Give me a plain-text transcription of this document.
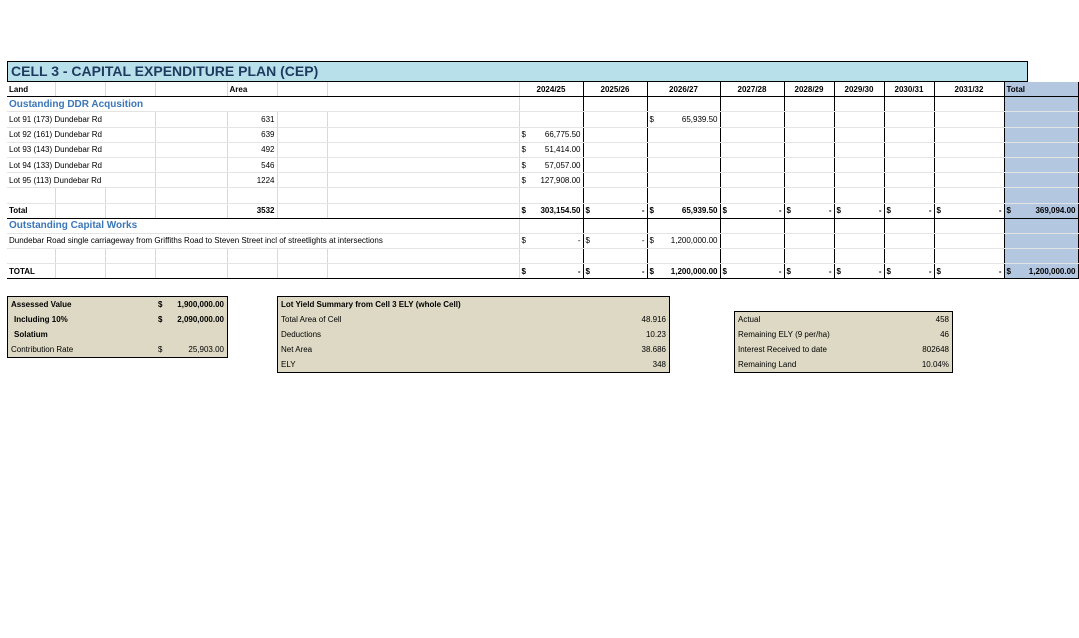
CELL 3 - CAPITAL EXPENDITURE PLAN (CEP)
Land				Area			2024/25	2025/26	2026/27	2027/28	2028/29	2029/30	2030/31	2031/32	Total
Oustanding DDR Acqusition															
Lot 91 (173) Dundebar Rd				631					$ 65,939.50						

Lot 92 (161) Dundebar Rd				639			$ 66,775.50								

Lot 93 (143) Dundebar Rd				492			$ 51,414.00								

Lot 94 (133) Dundebar Rd				546			$ 57,057.00								

Lot 95 (113) Dundebar Rd				1224			$ 127,908.00								

Total				3532			$ 303,154.50	$ -	$ 65,939.50	$ -	$ -	$ -	$ -	$ -	$ 369,094.00

Outstanding Capital Works															
Dundebar Road single carriageway from Griffiths Road to Steven Street incl of streetlights at intersections							$ -	$ -	$ 1,200,000.00						

TOTAL							$ -	$ -	$ 1,200,000.00	$ -	$ -	$ -	$ -	$ -	$ 1,200,000.00
Assessed Value	$ 1,900,000.00
Including 10%	$ 2,090,000.00
Solatium
Contribution Rate	$	25,903.00
Lot Yield Summary from Cell 3 ELY (whole Cell)
Total Area of Cell	48.916
Deductions	10.23
Net Area	38.686
ELY	348
Actual	458
Remaining ELY (9 per/ha)	46
Interest Received to date	802648
Remaining Land	10.04%
